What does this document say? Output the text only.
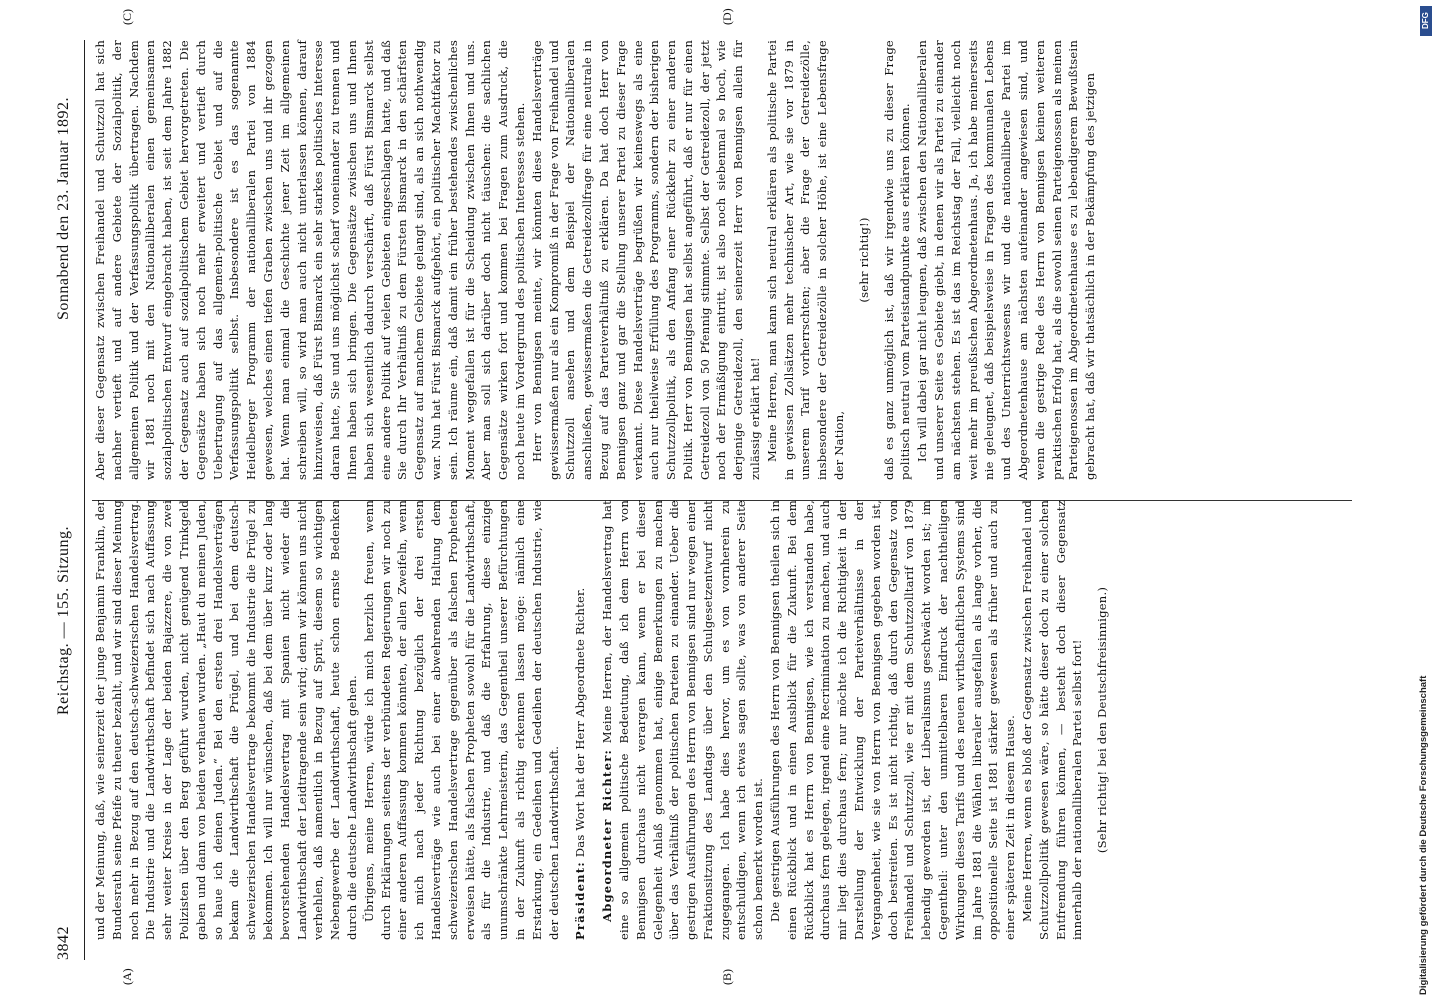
3842
Reichstag. — 155. Sitzung.
Sonnabend den 23. Januar 1892.
(A)	(B)
(C)	(D)

und der Meinung, daß, wie seinerzeit der junge Benjamin Franklin, der Bundesrath seine Pfeife zu theuer bezahlt, und wir sind dieser Meinung noch mehr in Bezug auf den deutsch-schweizerischen Handelsvertrag. Die Industrie und die Landwirthschaft befindet sich nach Auffassung sehr weiter Kreise in der Lage der beiden Bajazzere, die von zwei Polizisten über den Berg geführt wurden, nicht genügend Trinkgeld gaben und dann von beiden verhauen wurden. „Haut du meinen Juden, so haue ich deinen Juden.“ Bei den ersten drei Handelsverträgen bekam die Landwirthschaft die Prügel, und bei dem deutsch-schweizerischen Handelsvertrage bekommt die Industrie die Prügel zu bekommen. Ich will nur wünschen, daß bei dem über kurz oder lang bevorstehenden Handelsvertrag mit Spanien nicht wieder die Landwirthschaft der Leidtragende sein wird; denn wir können uns nicht verhehlen, daß namentlich in Bezug auf Sprit, diesem so wichtigen Nebengewerbe der Landwirthschaft, heute schon ernste Bedenken durch die deutsche Landwirthschaft gehen. Übrigens, meine Herren, würde ich mich herzlich freuen, wenn durch Erklärungen seitens der verbündeten Regierungen wir noch zu einer anderen Auffassung kommen könnten, der allen Zweifeln, wenn ich mich nach jeder Richtung bezüglich der drei ersten Handelsverträge wie auch bei einer abwehrenden Haltung dem schweizerischen Handelsvertrage gegenüber als falschen Propheten erweisen hätte, als falschen Propheten sowohl für die Landwirthschaft, als für die Industrie, und daß die Erfahrung, diese einzige unumschränkte Lehrmeisterin, das Gegentheil unserer Befürchtungen in der Zukunft als richtig erkennen lassen möge: nämlich eine Erstarkung, ein Gedeihen und Gedeihen der deutschen Industrie, wie der deutschen Landwirthschaft. Präsident: Das Wort hat der Herr Abgeordnete Richter. Abgeordneter Richter: Meine Herren, der Handelsvertrag hat eine so allgemein politische Bedeutung, daß ich dem Herrn von Bennigsen durchaus nicht verargen kann, wenn er bei dieser Gelegenheit Anlaß genommen hat, einige Bemerkungen zu machen über das Verhältniß der politischen Parteien zu einander. Ueber die gestrigen Ausführungen des Herrn von Bennigsen sind nur wegen einer Fraktionsitzung des Landtags über den Schulgesetzentwurf nicht zugegangen. Ich habe dies hervor, um es von vornherein zu entschuldigen, wenn ich etwas sagen sollte, was von anderer Seite schon bemerkt worden ist. Die gestrigen Ausführungen des Herrn von Bennigsen theilen sich in einen Rückblick und in einen Ausblick für die Zukunft. Bei dem Rückblick hat es Herrn von Bennigsen, wie ich verstanden habe, durchaus fern gelegen, irgend eine Recrimination zu machen, und auch mir liegt dies durchaus fern; nur möchte ich die Richtigkeit in der Darstellung der Entwicklung der Parteiverhältnisse in der Vergangenheit, wie sie von Herrn von Bennigsen gegeben worden ist, doch bestreiten. Es ist nicht richtig, daß durch den Gegensatz von Freihandel und Schutzzoll, wie er mit dem Schutzzolltarif von 1879 lebendig geworden ist, der Liberalismus geschwächt worden ist; im Gegentheil: unter den unmittelbaren Eindruck der nachtheiligen Wirkungen dieses Tarifs und des neuen wirthschaftlichen Systems sind im Jahre 1881 die Wählen liberaler ausgefallen als lange vorher, die oppositionelle Seite ist 1881 stärker gewesen als früher und auch zu einer späteren Zeit in diesem Hause. Meine Herren, wenn es bloß der Gegensatz zwischen Freihandel und Schutzzollpolitik gewesen wäre, so hätte dieser doch zu einer solchen Entfremdung führen können, — besteht doch dieser Gegensatz innerhalb der nationalliberalen Partei selbst fort! (Sehr richtig! bei den Deutschfreisinnigen.)

Aber dieser Gegensatz zwischen Freihandel und Schutzzoll hat sich nachher vertieft und auf andere Gebiete der Sozialpolitik, der allgemeinen Politik und der Verfassungspolitik übertragen. Nachdem wir 1881 noch mit den Nationalliberalen einen gemeinsamen sozialpolitischen Entwurf eingebracht haben, ist seit dem Jahre 1882 der Gegensatz auch auf sozialpolitischem Gebiet hervorgetreten. Die Gegensätze haben sich noch mehr erweitert und vertieft durch Uebertragung auf das allgemein-politische Gebiet und auf die Verfassungspolitik selbst. Insbesondere ist es das sogenannte Heidelberger Programm der nationalliberalen Partei von 1884 gewesen, welches einen tiefen Graben zwischen uns und ihr gezogen hat. Wenn man einmal die Geschichte jener Zeit im allgemeinen schreiben will, so wird man auch nicht unterlassen können, darauf hinzuweisen, daß Fürst Bismarck ein sehr starkes politisches Interesse daran hatte, Sie und uns möglichst scharf voneinander zu trennen und Ihnen haben sich bringen. Die Gegensätze zwischen uns und Ihnen haben sich wesentlich dadurch verschärft, daß Fürst Bismarck selbst eine andere Politik auf vielen Gebieten eingeschlagen hatte, und daß Sie durch Ihr Verhältniß zu dem Fürsten Bismarck in den schärfsten Gegensatz auf manchem Gebiete gelangt sind, als an sich nothwendig war. Nun hat Fürst Bismarck aufgehört, ein politischer Machtfaktor zu sein. Ich räume ein, daß damit ein früher bestehendes zwischenliches Moment weggefallen ist für die Scheidung zwischen Ihnen und uns. Aber man soll sich darüber doch nicht täuschen: die sachlichen Gegensätze wirken fort und kommen bei Fragen zum Ausdruck, die noch heute im Vordergrund des politischen Interesses stehen. Herr von Bennigsen meinte, wir könnten diese Handelsverträge gewissermaßen nur als ein Kompromiß in der Frage von Freihandel und Schutzzoll ansehen und dem Beispiel der Nationalliberalen anschließen, gewissermaßen die Getreidezollfrage für eine neutrale in Bezug auf das Parteiverhältniß zu erklären. Da hat doch Herr von Bennigsen ganz und gar die Stellung unserer Partei zu dieser Frage verkannt. Diese Handelsverträge begrüßen wir keineswegs als eine auch nur theilweise Erfüllung des Programms, sondern der bisherigen Schutzzollpolitik, als den Anfang einer Rückkehr zu einer anderen Politik. Herr von Bennigsen hat selbst angeführt, daß er nur für einen Getreidezoll von 50 Pfennig stimmte. Selbst der Getreidezoll, der jetzt noch der Ermäßigung eintritt, ist also noch siebenmal so hoch, wie derjenige Getreidezoll, den seinerzeit Herr von Bennigsen allein für zulässig erklärt hat! Meine Herren, man kann sich neutral erklären als politische Partei in gewissen Zollsätzen mehr technischer Art, wie sie vor 1879 in unserem Tarif vorherrschten; aber die Frage der Getreidezölle, insbesondere der Getreidezölle in solcher Höhe, ist eine Lebensfrage der Nation,

(sehr richtig!) daß es ganz unmöglich ist, daß wir irgendwie uns zu dieser Frage politisch neutral vom Parteistandpunkte aus erklären können. Ich will dabei gar nicht leugnen, daß zwischen den Nationalliberalen und unserer Seite es Gebiete giebt, in denen wir als Partei zu einander am nächsten stehen. Es ist das im Reichstag der Fall, vielleicht noch weit mehr im preußischen Abgeordnetenhaus. Ja, ich habe meinerseits nie geleugnet, daß beispielsweise in Fragen des kommunalen Lebens und des Unterrichtswesens wir und die nationalliberale Partei im Abgeordnetenhause am nächsten aufeinander angewiesen sind, und wenn die gestrige Rede des Herrn von Bennigsen keinen weiteren praktischen Erfolg hat, als die sowohl seinen Parteigenossen als meinen Parteigenossen im Abgeordnetenhause es zu lebendigerem Bewußtsein gebracht hat, daß wir thatsächlich in der Bekämpfung des jetzigen

DFG
Digitalisierung gefördert durch die Deutsche Forschungsgemeinschaft
